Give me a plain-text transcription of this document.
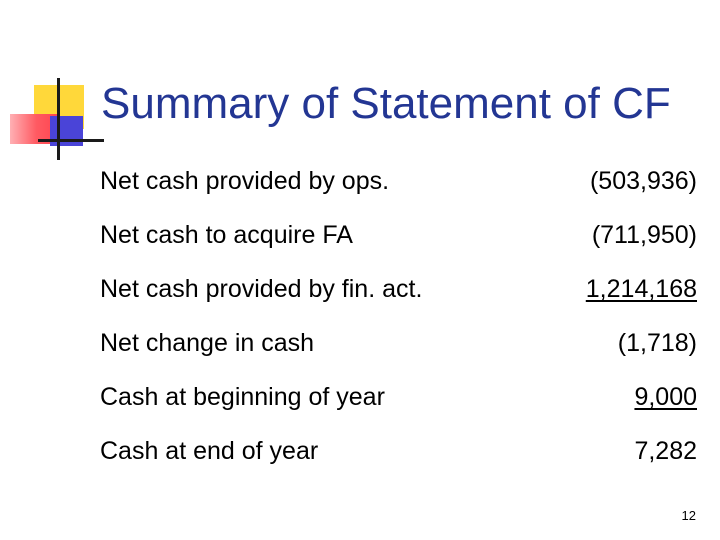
Summary of Statement of CF
Net cash provided by ops.	(503,936)
Net cash to acquire FA	(711,950)
Net cash provided by fin. act.	1,214,168
Net change in cash	(1,718)
Cash at beginning of year	9,000
Cash at end of year	7,282
12
